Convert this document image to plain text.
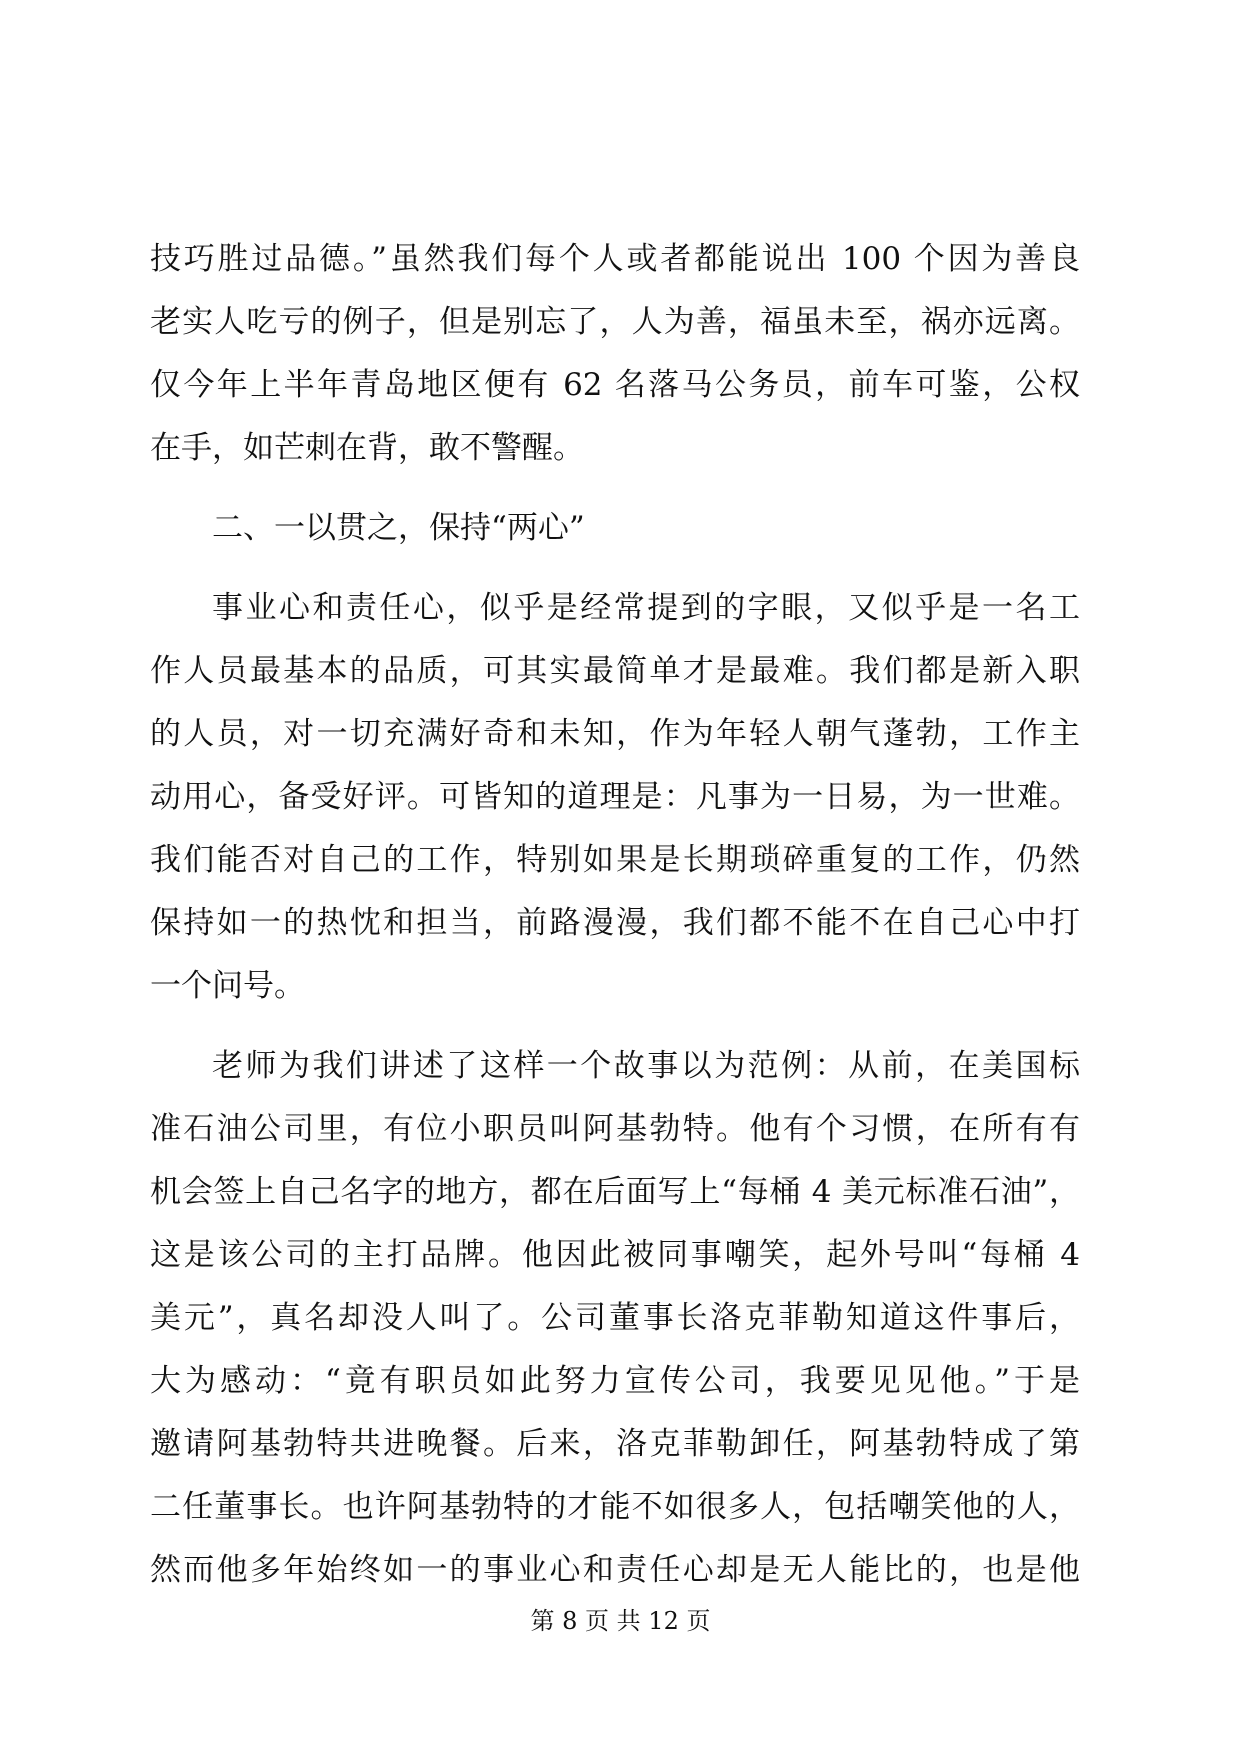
技巧胜过品德。”虽然我们每个人或者都能说出 100 个因为善良
老实人吃亏的例子，但是别忘了，人为善，福虽未至，祸亦远离。
仅今年上半年青岛地区便有 62 名落马公务员，前车可鉴，公权
在手，如芒刺在背，敢不警醒。
二、一以贯之，保持“两心”
事业心和责任心，似乎是经常提到的字眼，又似乎是一名工
作人员最基本的品质，可其实最简单才是最难。我们都是新入职
的人员，对一切充满好奇和未知，作为年轻人朝气蓬勃，工作主
动用心，备受好评。可皆知的道理是：凡事为一日易，为一世难。
我们能否对自己的工作，特别如果是长期琐碎重复的工作，仍然
保持如一的热忱和担当，前路漫漫，我们都不能不在自己心中打
一个问号。
老师为我们讲述了这样一个故事以为范例：从前，在美国标
准石油公司里，有位小职员叫阿基勃特。他有个习惯，在所有有
机会签上自己名字的地方，都在后面写上“每桶 4 美元标准石油”，
这是该公司的主打品牌。他因此被同事嘲笑，起外号叫“每桶 4
美元”，真名却没人叫了。公司董事长洛克菲勒知道这件事后，
大为感动：“竟有职员如此努力宣传公司，我要见见他。”于是
邀请阿基勃特共进晚餐。后来，洛克菲勒卸任，阿基勃特成了第
二任董事长。也许阿基勃特的才能不如很多人，包括嘲笑他的人，
然而他多年始终如一的事业心和责任心却是无人能比的，也是他
第 8 页 共 12 页
